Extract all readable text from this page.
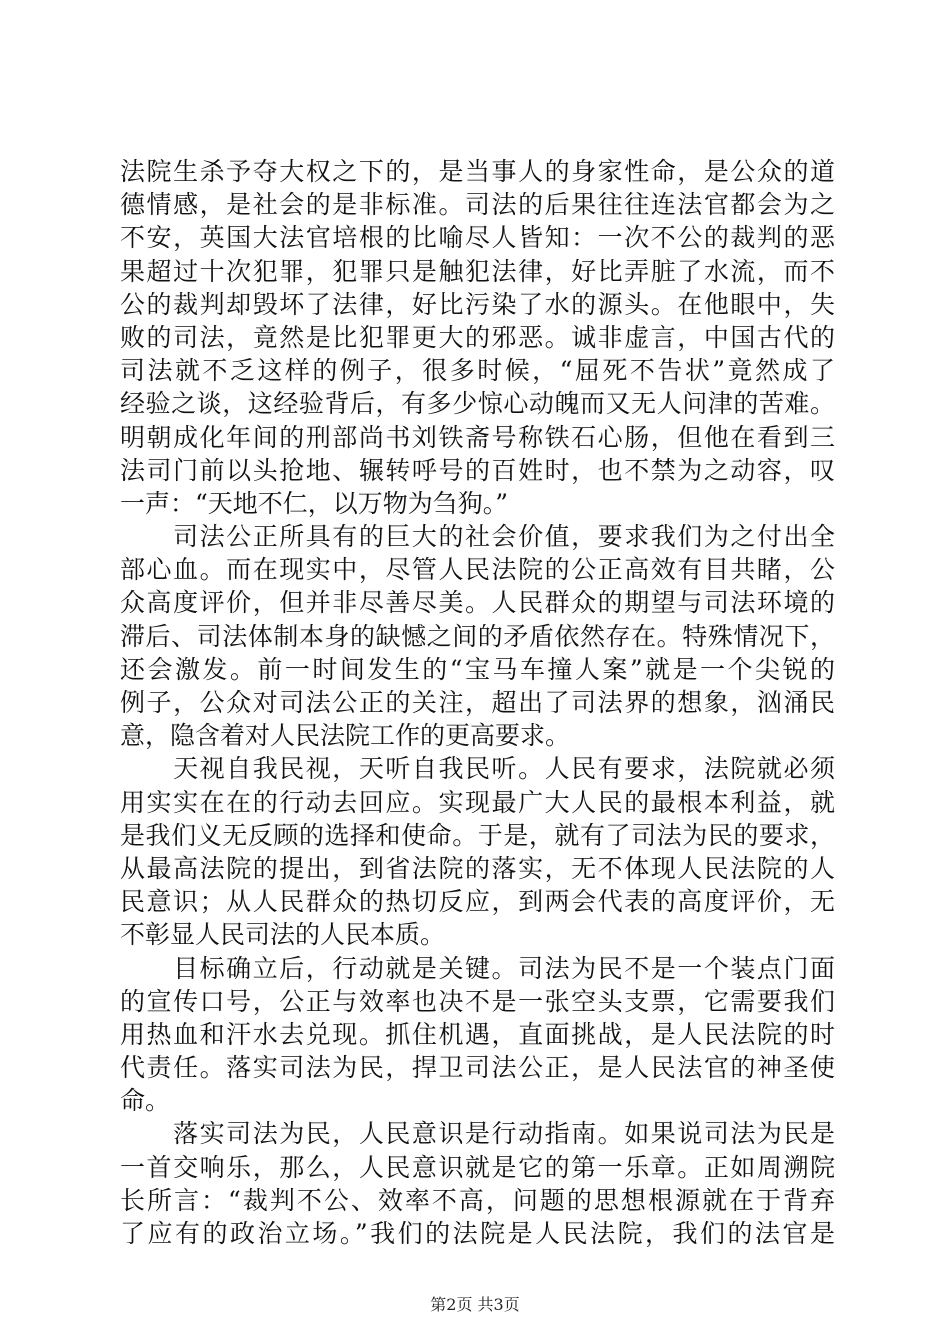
法院生杀予夺大权之下的，是当事人的身家性命，是公众的道
德情感，是社会的是非标准。司法的后果往往连法官都会为之
不安，英国大法官培根的比喻尽人皆知：一次不公的裁判的恶
果超过十次犯罪，犯罪只是触犯法律，好比弄脏了水流，而不
公的裁判却毁坏了法律，好比污染了水的源头。在他眼中，失
败的司法，竟然是比犯罪更大的邪恶。诚非虚言，中国古代的
司法就不乏这样的例子，很多时候，“屈死不告状”竟然成了
经验之谈，这经验背后，有多少惊心动魄而又无人问津的苦难。
明朝成化年间的刑部尚书刘铁斋号称铁石心肠，但他在看到三
法司门前以头抢地、辗转呼号的百姓时，也不禁为之动容，叹
一声：“天地不仁，以万物为刍狗。”
　　司法公正所具有的巨大的社会价值，要求我们为之付出全
部心血。而在现实中，尽管人民法院的公正高效有目共睹，公
众高度评价，但并非尽善尽美。人民群众的期望与司法环境的
滞后、司法体制本身的缺憾之间的矛盾依然存在。特殊情况下，
还会激发。前一时间发生的“宝马车撞人案”就是一个尖锐的
例子，公众对司法公正的关注，超出了司法界的想象，汹涌民
意，隐含着对人民法院工作的更高要求。
　　天视自我民视，天听自我民听。人民有要求，法院就必须
用实实在在的行动去回应。实现最广大人民的最根本利益，就
是我们义无反顾的选择和使命。于是，就有了司法为民的要求，
从最高法院的提出，到省法院的落实，无不体现人民法院的人
民意识；从人民群众的热切反应，到两会代表的高度评价，无
不彰显人民司法的人民本质。
　　目标确立后，行动就是关键。司法为民不是一个装点门面
的宣传口号，公正与效率也决不是一张空头支票，它需要我们
用热血和汗水去兑现。抓住机遇，直面挑战，是人民法院的时
代责任。落实司法为民，捍卫司法公正，是人民法官的神圣使
命。
　　落实司法为民，人民意识是行动指南。如果说司法为民是
一首交响乐，那么，人民意识就是它的第一乐章。正如周溯院
长所言：“裁判不公、效率不高，问题的思想根源就在于背弃
了应有的政治立场。”我们的法院是人民法院，我们的法官是
第2页 共3页
